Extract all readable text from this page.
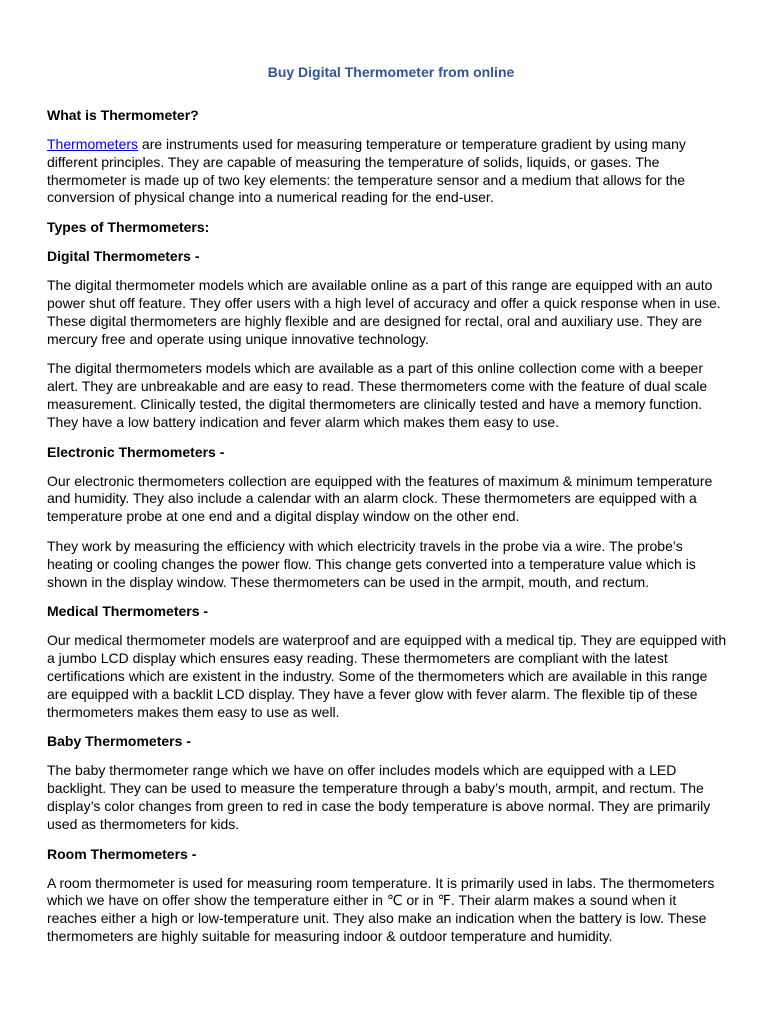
Buy Digital Thermometer from online
What is Thermometer?
Thermometers are instruments used for measuring temperature or temperature gradient by using many different principles. They are capable of measuring the temperature of solids, liquids, or gases. The thermometer is made up of two key elements: the temperature sensor and a medium that allows for the conversion of physical change into a numerical reading for the end-user.
Types of Thermometers:
Digital Thermometers -
The digital thermometer models which are available online as a part of this range are equipped with an auto power shut off feature. They offer users with a high level of accuracy and offer a quick response when in use. These digital thermometers are highly flexible and are designed for rectal, oral and auxiliary use. They are mercury free and operate using unique innovative technology.
The digital thermometers models which are available as a part of this online collection come with a beeper alert. They are unbreakable and are easy to read. These thermometers come with the feature of dual scale measurement. Clinically tested, the digital thermometers are clinically tested and have a memory function. They have a low battery indication and fever alarm which makes them easy to use.
Electronic Thermometers -
Our electronic thermometers collection are equipped with the features of maximum & minimum temperature and humidity. They also include a calendar with an alarm clock. These thermometers are equipped with a temperature probe at one end and a digital display window on the other end.
They work by measuring the efficiency with which electricity travels in the probe via a wire. The probe’s heating or cooling changes the power flow. This change gets converted into a temperature value which is shown in the display window. These thermometers can be used in the armpit, mouth, and rectum.
Medical Thermometers -
Our medical thermometer models are waterproof and are equipped with a medical tip. They are equipped with a jumbo LCD display which ensures easy reading. These thermometers are compliant with the latest certifications which are existent in the industry. Some of the thermometers which are available in this range are equipped with a backlit LCD display. They have a fever glow with fever alarm. The flexible tip of these thermometers makes them easy to use as well.
Baby Thermometers -
The baby thermometer range which we have on offer includes models which are equipped with a LED backlight. They can be used to measure the temperature through a baby’s mouth, armpit, and rectum. The display’s color changes from green to red in case the body temperature is above normal. They are primarily used as thermometers for kids.
Room Thermometers -
A room thermometer is used for measuring room temperature. It is primarily used in labs. The thermometers which we have on offer show the temperature either in ℃ or in ℉. Their alarm makes a sound when it reaches either a high or low-temperature unit. They also make an indication when the battery is low. These thermometers are highly suitable for measuring indoor & outdoor temperature and humidity.
